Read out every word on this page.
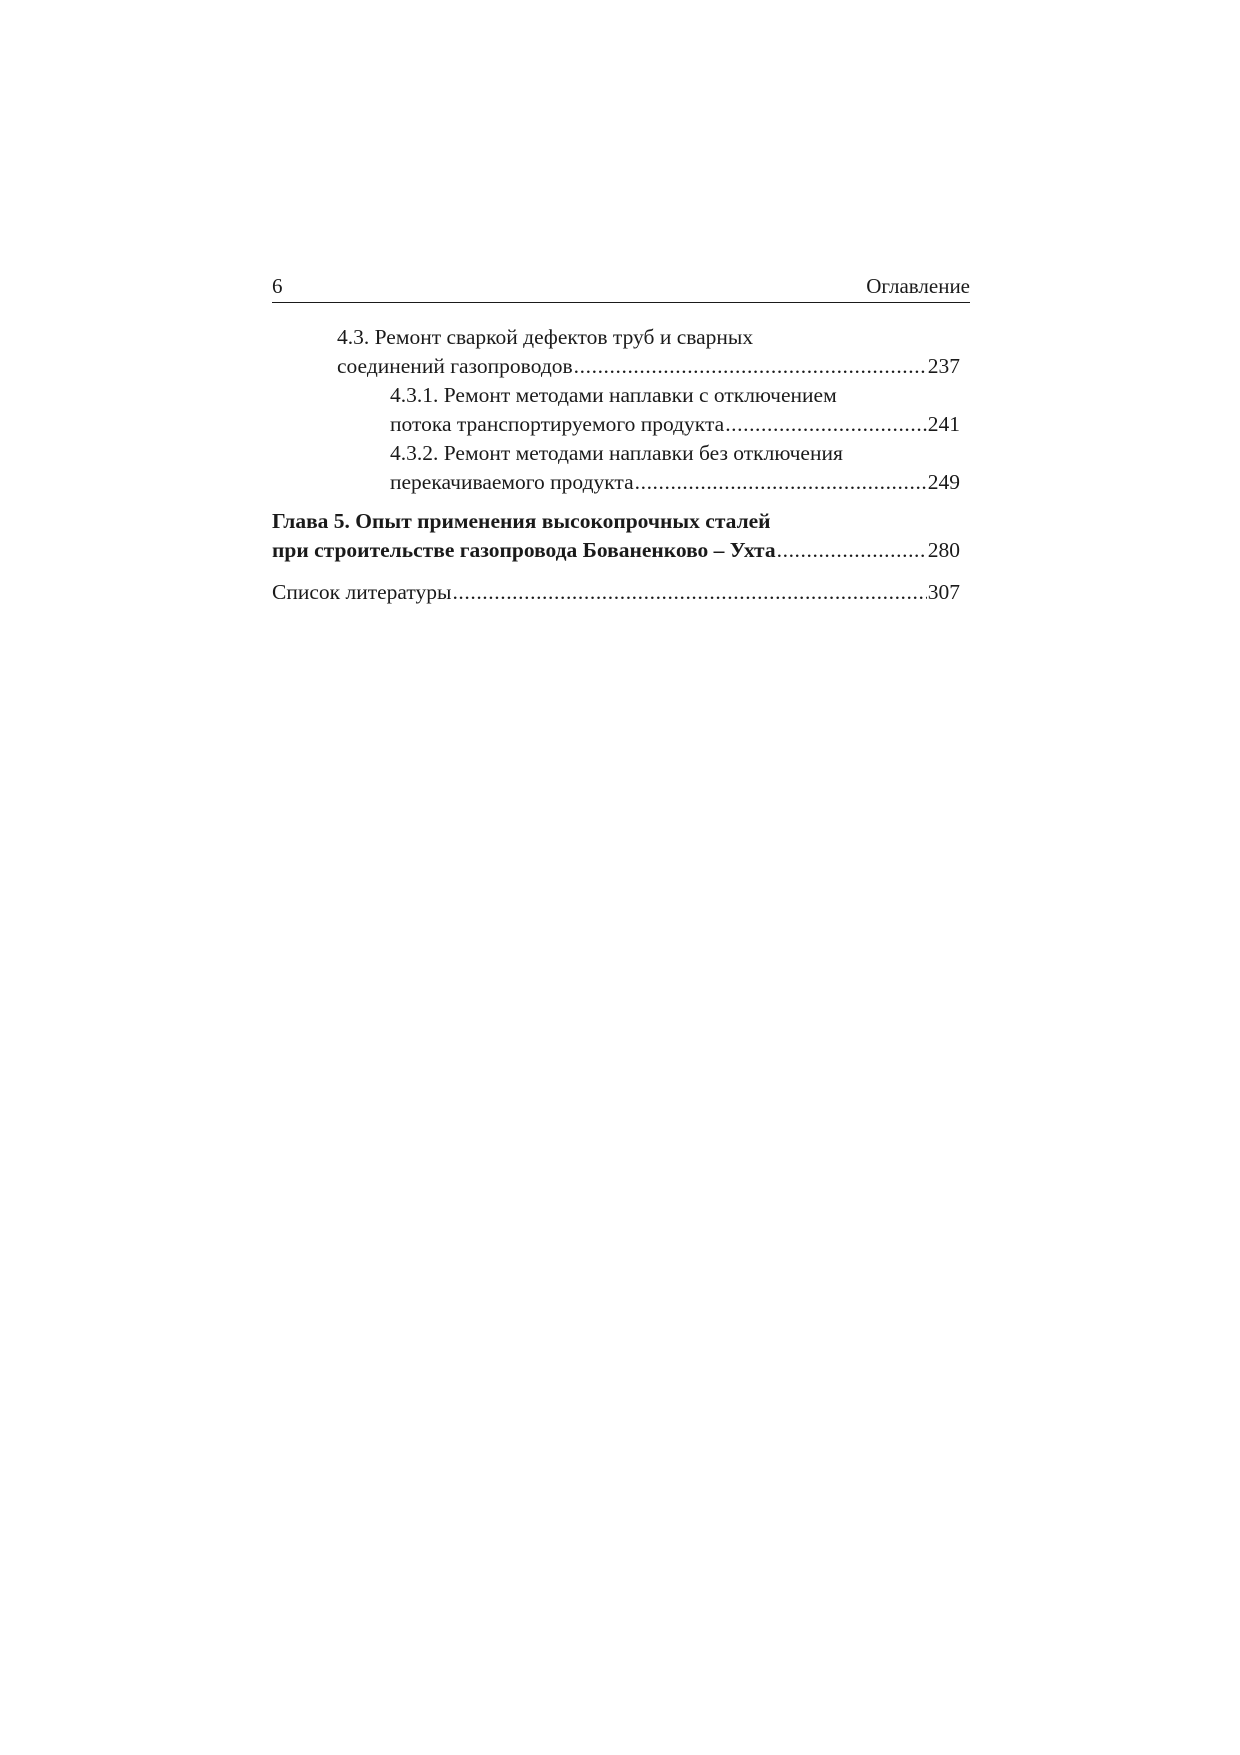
6	Оглавление
4.3. Ремонт сваркой дефектов труб и сварных
соединений газопроводов .....	237
4.3.1. Ремонт методами наплавки с отключением
потока транспортируемого продукта .....	241
4.3.2. Ремонт методами наплавки без отключения
перекачиваемого продукта .....	249
Глава 5. Опыт применения высокопрочных сталей
при строительстве газопровода Бованенково – Ухта .....	280
Список литературы .....	307
